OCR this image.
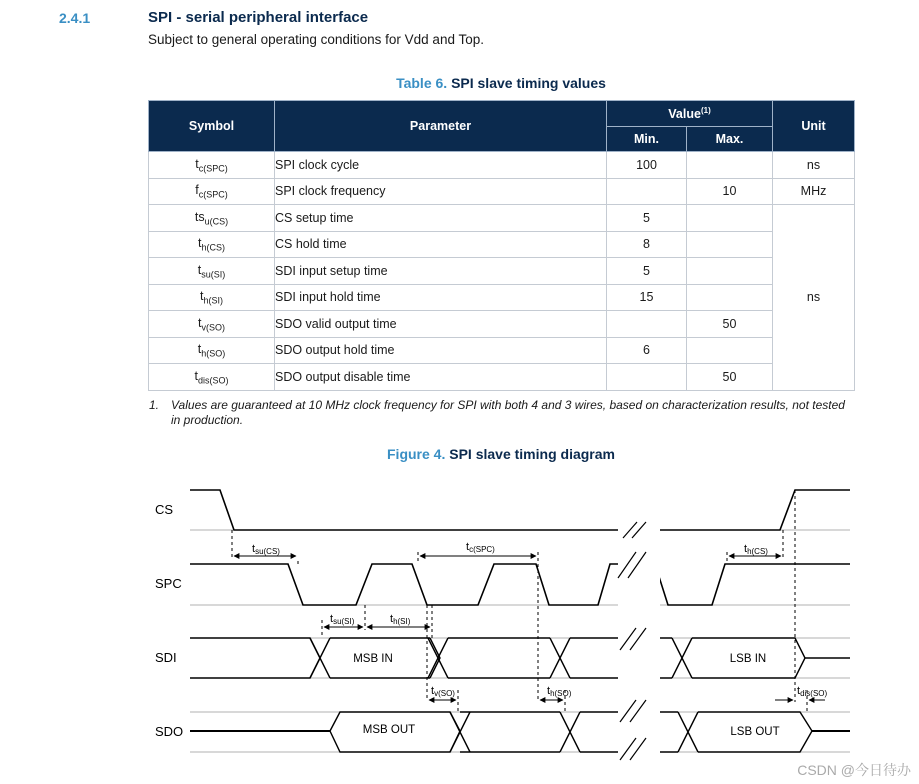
2.4.1	SPI - serial peripheral interface
Subject to general operating conditions for Vdd and Top.
Table 6. SPI slave timing values
Symbol	Parameter	Value$^{(1)}$		Unit
		Min.	Max.	
$t_{c(SPC)}$	SPI clock cycle	100		ns
$f_{c(SPC)}$	SPI clock frequency		10	MHz
$ts_{u(CS)}$	CS setup time	5		ns
$t_{h(CS)}$	CS hold time	8		
$t_{su(SI)}$	SDI input setup time	5		
$t_{h(SI)}$	SDI input hold time	15		
$t_{v(SO)}$	SDO valid output time		50	
$t_{h(SO)}$	SDO output hold time	6		
$t_{dis(SO)}$	SDO output disable time		50	
1. Values are guaranteed at 10 MHz clock frequency for SPI with both 4 and 3 wires, based on characterization results, not tested in production.
Figure 4. SPI slave timing diagram
CS
SPC
SDI
SDO
MSB IN	LSB IN
MSB OUT	LSB OUT
tsu(CS)	tc(SPC)	th(CS)
tsu(SI)	th(SI)
tv(SO)	th(SO)	tdis(SO)
CSDN @今日待办
